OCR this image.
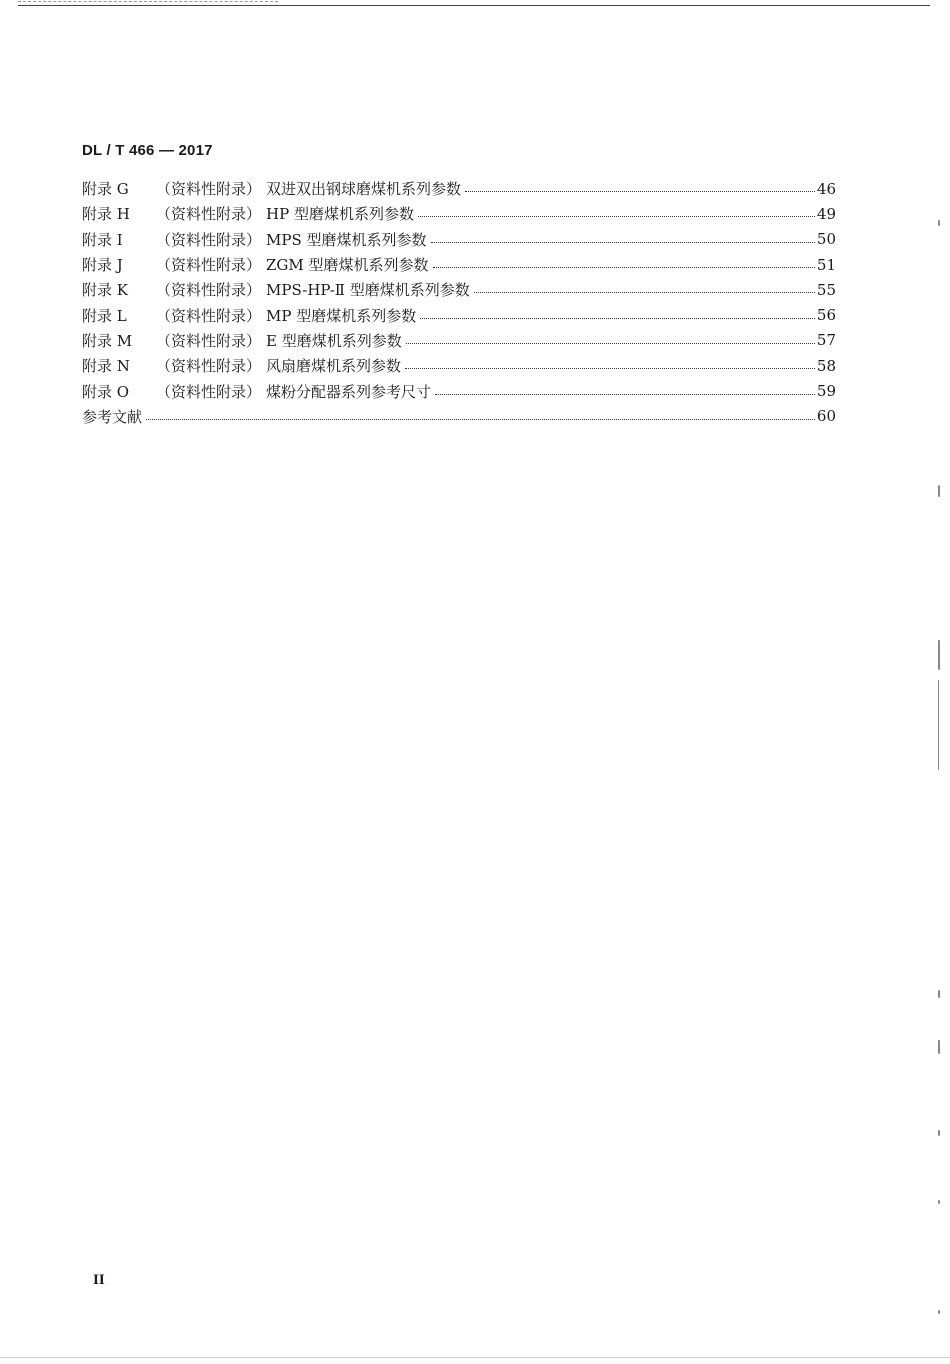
DL / T 466 — 2017
附录 G	（资料性附录） 双进双出钢球磨煤机系列参数	46
附录 H	（资料性附录） HP 型磨煤机系列参数	49
附录 I	（资料性附录） MPS 型磨煤机系列参数	50
附录 J	（资料性附录） ZGM 型磨煤机系列参数	51
附录 K	（资料性附录） MPS-HP-Ⅱ 型磨煤机系列参数	55
附录 L	（资料性附录） MP 型磨煤机系列参数	56
附录 M	（资料性附录） E 型磨煤机系列参数	57
附录 N	（资料性附录） 风扇磨煤机系列参数	58
附录 O	（资料性附录） 煤粉分配器系列参考尺寸	59
参考文献	60
II
